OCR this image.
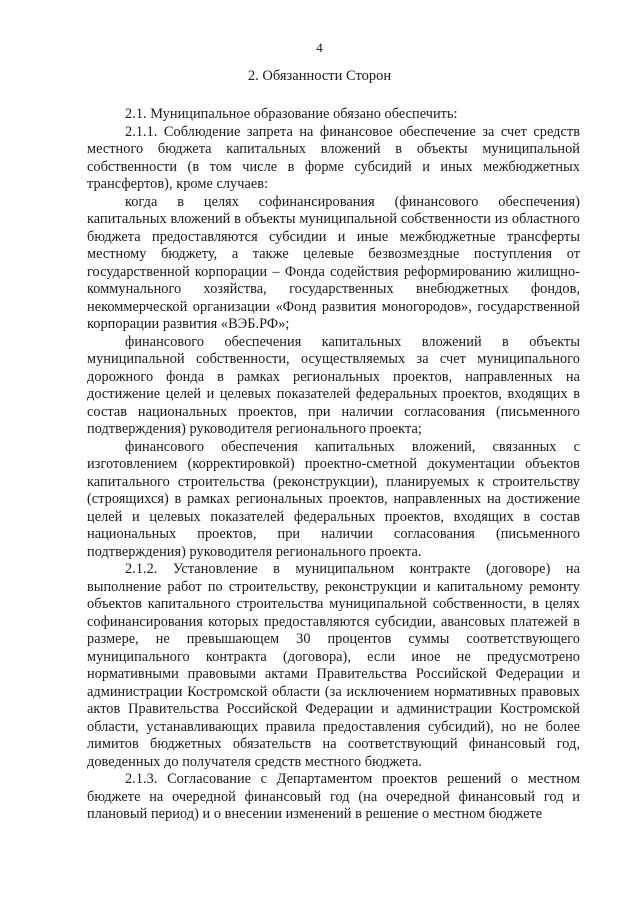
4
2. Обязанности Сторон

2.1. Муниципальное образование обязано обеспечить:

2.1.1. Соблюдение запрета на финансовое обеспечение за счет средств местного бюджета капитальных вложений в объекты муниципальной собственности (в том числе в форме субсидий и иных межбюджетных трансфертов), кроме случаев:

когда в целях софинансирования (финансового обеспечения) капитальных вложений в объекты муниципальной собственности из областного бюджета предоставляются субсидии и иные межбюджетные трансферты местному бюджету, а также целевые безвозмездные поступления от государственной корпорации – Фонда содействия реформированию жилищно-коммунального хозяйства, государственных внебюджетных фондов, некоммерческой организации «Фонд развития моногородов», государственной корпорации развития «ВЭБ.РФ»;

финансового обеспечения капитальных вложений в объекты муниципальной собственности, осуществляемых за счет муниципального дорожного фонда в рамках региональных проектов, направленных на достижение целей и целевых показателей федеральных проектов, входящих в состав национальных проектов, при наличии согласования (письменного подтверждения) руководителя регионального проекта;

финансового обеспечения капитальных вложений, связанных с изготовлением (корректировкой) проектно-сметной документации объектов капитального строительства (реконструкции), планируемых к строительству (строящихся) в рамках региональных проектов, направленных на достижение целей и целевых показателей федеральных проектов, входящих в состав национальных проектов, при наличии согласования (письменного подтверждения) руководителя регионального проекта.

2.1.2. Установление в муниципальном контракте (договоре) на выполнение работ по строительству, реконструкции и капитальному ремонту объектов капитального строительства муниципальной собственности, в целях софинансирования которых предоставляются субсидии, авансовых платежей в размере, не превышающем 30 процентов суммы соответствующего муниципального контракта (договора), если иное не предусмотрено нормативными правовыми актами Правительства Российской Федерации и администрации Костромской области (за исключением нормативных правовых актов Правительства Российской Федерации и администрации Костромской области, устанавливающих правила предоставления субсидий), но не более лимитов бюджетных обязательств на соответствующий финансовый год, доведенных до получателя средств местного бюджета.

2.1.3. Согласование с Департаментом проектов решений о местном бюджете на очередной финансовый год (на очередной финансовый год и плановый период) и о внесении изменений в решение о местном бюджете
